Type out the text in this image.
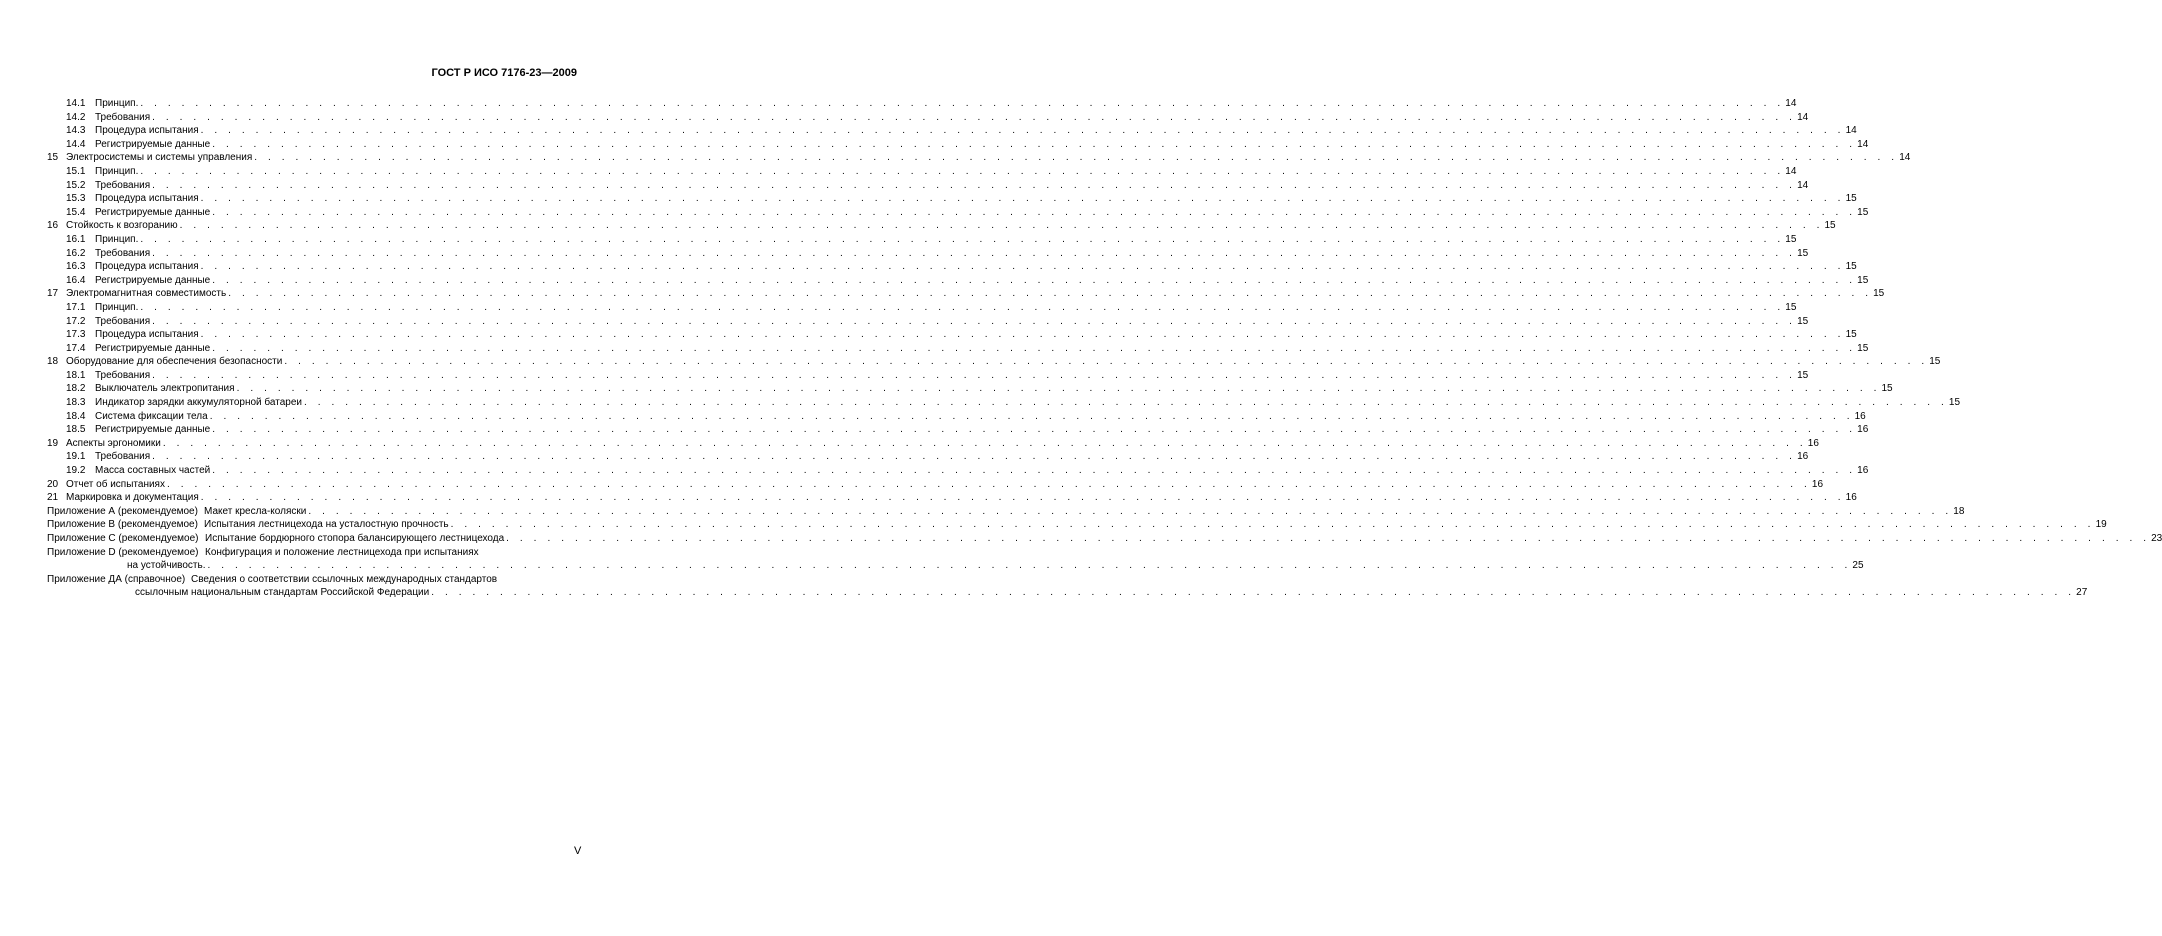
ГОСТ Р ИСО 7176-23—2009
14.1 Принцип. . . . . . . . . . . . . . . . . . . . . . . . . . . . . . . . . . . . . . . . . . . . . . . . . . . . . . . . . . . . . . . . . . . . . . . . . . . . . . . . . . . . . . . . . . . . . . . . . . . . . . . . . . . . . . . . . . . . . . . . . 14
14.2 Требования . . . . . . . . . . . . . . . . . . . . . . . . . . . . . . . . . . . . . . . . . . . . . . . . . . . . . . . . . . . . . . . . . . . . . . . . . . . . . . . . . . . . . . . . . . . . . . . . . . . . . . . . . . . . . . . . . . . . . . . . 14
14.3 Процедура испытания . . . . . . . . . . . . . . . . . . . . . . . . . . . . . . . . . . . . . . . . . . . . . . . . . . . . . . . . . . . . . . . . . . . . . . . . . . . . . . . . . . . . . . . . . . . . . . . . . . . . . . . . . . . . . . . . . . . . . . . . 14
14.4 Регистрируемые данные . . . . . . . . . . . . . . . . . . . . . . . . . . . . . . . . . . . . . . . . . . . . . . . . . . . . . . . . . . . . . . . . . . . . . . . . . . . . . . . . . . . . . . . . . . . . . . . . . . . . . . . . . . . . . . . . . . . . . . . . 14
15 Электросистемы и системы управления . . . . . . . . . . . . . . . . . . . . . . . . . . . . . . . . . . . . . . . . . . . . . . . . . . . . . . . . . . . . . . . . . . . . . . . . . . . . . . . . . . . . . . . . . . . . . . . . . . . . . . . . . . . . . . . . . . . . . . . . 14
15.1 Принцип. . . . . . . . . . . . . . . . . . . . . . . . . . . . . . . . . . . . . . . . . . . . . . . . . . . . . . . . . . . . . . . . . . . . . . . . . . . . . . . . . . . . . . . . . . . . . . . . . . . . . . . . . . . . . . . . . . . . . . . . . 14
15.2 Требования . . . . . . . . . . . . . . . . . . . . . . . . . . . . . . . . . . . . . . . . . . . . . . . . . . . . . . . . . . . . . . . . . . . . . . . . . . . . . . . . . . . . . . . . . . . . . . . . . . . . . . . . . . . . . . . . . . . . . . . . 14
15.3 Процедура испытания . . . . . . . . . . . . . . . . . . . . . . . . . . . . . . . . . . . . . . . . . . . . . . . . . . . . . . . . . . . . . . . . . . . . . . . . . . . . . . . . . . . . . . . . . . . . . . . . . . . . . . . . . . . . . . . . . . . . . . . . 15
15.4 Регистрируемые данные . . . . . . . . . . . . . . . . . . . . . . . . . . . . . . . . . . . . . . . . . . . . . . . . . . . . . . . . . . . . . . . . . . . . . . . . . . . . . . . . . . . . . . . . . . . . . . . . . . . . . . . . . . . . . . . . . . . . . . . . 15
16 Стойкость к возгоранию . . . . . . . . . . . . . . . . . . . . . . . . . . . . . . . . . . . . . . . . . . . . . . . . . . . . . . . . . . . . . . . . . . . . . . . . . . . . . . . . . . . . . . . . . . . . . . . . . . . . . . . . . . . . . . . . . . . . . . . . 15
16.1 Принцип. . . . . . . . . . . . . . . . . . . . . . . . . . . . . . . . . . . . . . . . . . . . . . . . . . . . . . . . . . . . . . . . . . . . . . . . . . . . . . . . . . . . . . . . . . . . . . . . . . . . . . . . . . . . . . . . . . . . . . . . . 15
16.2 Требования . . . . . . . . . . . . . . . . . . . . . . . . . . . . . . . . . . . . . . . . . . . . . . . . . . . . . . . . . . . . . . . . . . . . . . . . . . . . . . . . . . . . . . . . . . . . . . . . . . . . . . . . . . . . . . . . . . . . . . . . 15
16.3 Процедура испытания . . . . . . . . . . . . . . . . . . . . . . . . . . . . . . . . . . . . . . . . . . . . . . . . . . . . . . . . . . . . . . . . . . . . . . . . . . . . . . . . . . . . . . . . . . . . . . . . . . . . . . . . . . . . . . . . . . . . . . . . 15
16.4 Регистрируемые данные . . . . . . . . . . . . . . . . . . . . . . . . . . . . . . . . . . . . . . . . . . . . . . . . . . . . . . . . . . . . . . . . . . . . . . . . . . . . . . . . . . . . . . . . . . . . . . . . . . . . . . . . . . . . . . . . . . . . . . . . 15
17 Электромагнитная совместимость . . . . . . . . . . . . . . . . . . . . . . . . . . . . . . . . . . . . . . . . . . . . . . . . . . . . . . . . . . . . . . . . . . . . . . . . . . . . . . . . . . . . . . . . . . . . . . . . . . . . . . . . . . . . . . . . . . . . . . . . 15
17.1 Принцип. . . . . . . . . . . . . . . . . . . . . . . . . . . . . . . . . . . . . . . . . . . . . . . . . . . . . . . . . . . . . . . . . . . . . . . . . . . . . . . . . . . . . . . . . . . . . . . . . . . . . . . . . . . . . . . . . . . . . . . . . 15
17.2 Требования . . . . . . . . . . . . . . . . . . . . . . . . . . . . . . . . . . . . . . . . . . . . . . . . . . . . . . . . . . . . . . . . . . . . . . . . . . . . . . . . . . . . . . . . . . . . . . . . . . . . . . . . . . . . . . . . . . . . . . . . 15
17.3 Процедура испытания . . . . . . . . . . . . . . . . . . . . . . . . . . . . . . . . . . . . . . . . . . . . . . . . . . . . . . . . . . . . . . . . . . . . . . . . . . . . . . . . . . . . . . . . . . . . . . . . . . . . . . . . . . . . . . . . . . . . . . . . 15
17.4 Регистрируемые данные . . . . . . . . . . . . . . . . . . . . . . . . . . . . . . . . . . . . . . . . . . . . . . . . . . . . . . . . . . . . . . . . . . . . . . . . . . . . . . . . . . . . . . . . . . . . . . . . . . . . . . . . . . . . . . . . . . . . . . . . 15
18 Оборудование для обеспечения безопасности . . . . . . . . . . . . . . . . . . . . . . . . . . . . . . . . . . . . . . . . . . . . . . . . . . . . . . . . . . . . . . . . . . . . . . . . . . . . . . . . . . . . . . . . . . . . . . . . . . . . . . . . . . . . . . . . . . . . . . . . 15
18.1 Требования . . . . . . . . . . . . . . . . . . . . . . . . . . . . . . . . . . . . . . . . . . . . . . . . . . . . . . . . . . . . . . . . . . . . . . . . . . . . . . . . . . . . . . . . . . . . . . . . . . . . . . . . . . . . . . . . . . . . . . . . 15
18.2 Выключатель электропитания . . . . . . . . . . . . . . . . . . . . . . . . . . . . . . . . . . . . . . . . . . . . . . . . . . . . . . . . . . . . . . . . . . . . . . . . . . . . . . . . . . . . . . . . . . . . . . . . . . . . . . . . . . . . . . . . . . . . . . . . 15
18.3 Индикатор зарядки аккумуляторной батареи . . . . . . . . . . . . . . . . . . . . . . . . . . . . . . . . . . . . . . . . . . . . . . . . . . . . . . . . . . . . . . . . . . . . . . . . . . . . . . . . . . . . . . . . . . . . . . . . . . . . . . . . . . . . . . . . . . . . . . . . 15
18.4 Система фиксации тела . . . . . . . . . . . . . . . . . . . . . . . . . . . . . . . . . . . . . . . . . . . . . . . . . . . . . . . . . . . . . . . . . . . . . . . . . . . . . . . . . . . . . . . . . . . . . . . . . . . . . . . . . . . . . . . . . . . . . . . . 16
18.5 Регистрируемые данные . . . . . . . . . . . . . . . . . . . . . . . . . . . . . . . . . . . . . . . . . . . . . . . . . . . . . . . . . . . . . . . . . . . . . . . . . . . . . . . . . . . . . . . . . . . . . . . . . . . . . . . . . . . . . . . . . . . . . . . . 16
19 Аспекты эргономики . . . . . . . . . . . . . . . . . . . . . . . . . . . . . . . . . . . . . . . . . . . . . . . . . . . . . . . . . . . . . . . . . . . . . . . . . . . . . . . . . . . . . . . . . . . . . . . . . . . . . . . . . . . . . . . . . . . . . . . . 16
19.1 Требования . . . . . . . . . . . . . . . . . . . . . . . . . . . . . . . . . . . . . . . . . . . . . . . . . . . . . . . . . . . . . . . . . . . . . . . . . . . . . . . . . . . . . . . . . . . . . . . . . . . . . . . . . . . . . . . . . . . . . . . . 16
19.2 Масса составных частей . . . . . . . . . . . . . . . . . . . . . . . . . . . . . . . . . . . . . . . . . . . . . . . . . . . . . . . . . . . . . . . . . . . . . . . . . . . . . . . . . . . . . . . . . . . . . . . . . . . . . . . . . . . . . . . . . . . . . . . . 16
20 Отчет об испытаниях . . . . . . . . . . . . . . . . . . . . . . . . . . . . . . . . . . . . . . . . . . . . . . . . . . . . . . . . . . . . . . . . . . . . . . . . . . . . . . . . . . . . . . . . . . . . . . . . . . . . . . . . . . . . . . . . . . . . . . . . 16
21 Маркировка и документация . . . . . . . . . . . . . . . . . . . . . . . . . . . . . . . . . . . . . . . . . . . . . . . . . . . . . . . . . . . . . . . . . . . . . . . . . . . . . . . . . . . . . . . . . . . . . . . . . . . . . . . . . . . . . . . . . . . . . . . . 16
Приложение А (рекомендуемое) Макет кресла-коляски . . . . . . . . . . . . . . . . . . . . . . . . . . . . . . . . . . . . . . . . . . . . . . . . . . . . . . . . . . . . . . . . . . . . . . . . . . . . . . . . . . . . . . . . . . . . . . . . . . . . . . . . . . . . . . . . . . . . . . . . 18
Приложение В (рекомендуемое) Испытания лестницехода на усталостную прочность . . . . . . . . . . . . . . . . . . . . . . . . . . . . . . . . . . . . . . . . . . . . . . . . . . . . . . . . . . . . . . . . . . . . . . . . . . . . . . . . . . . . . . . . . . . . . . . . . . . . . . . . . . . . . . . . . . . . . . . . 19
Приложение С (рекомендуемое) Испытание бордюрного стопора балансирующего лестницехода . . . . . . . . . . . . . . . . . . . . . . . . . . . . . . . . . . . . . . . . . . . . . . . . . . . . . . . . . . . . . . . . . . . . . . . . . . . . . . . . . . . . . . . . . . . . . . . . . . . . . . . . . . . . . . . . . . . . . . . . 23
Приложение D (рекомендуемое) Конфигурация и положение лестницехода при испытаниях
на устойчивость. . . . . . . . . . . . . . . . . . . . . . . . . . . . . . . . . . . . . . . . . . . . . . . . . . . . . . . . . . . . . . . . . . . . . . . . . . . . . . . . . . . . . . . . . . . . . . . . . . . . . . . . . . . . . . . . . . . . . . . . . 25
Приложение ДА (справочное) Сведения о соответствии ссылочных международных стандартов
ссылочным национальным стандартам Российской Федерации . . . . . . . . . . . . . . . . . . . . . . . . . . . . . . . . . . . . . . . . . . . . . . . . . . . . . . . . . . . . . . . . . . . . . . . . . . . . . . . . . . . . . . . . . . . . . . . . . . . . . . . . . . . . . . . . . . . . . . . . 27
V
